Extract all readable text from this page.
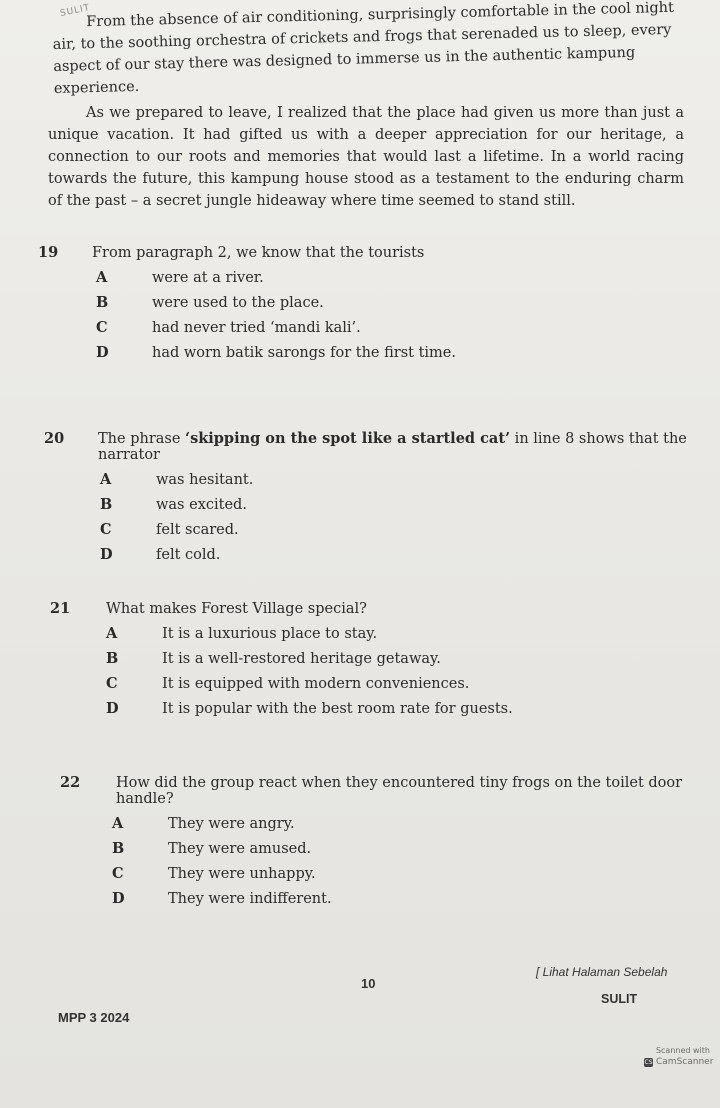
SULIT

From the absence of air conditioning, surprisingly comfortable in the cool night air, to the soothing orchestra of crickets and frogs that serenaded us to sleep, every aspect of our stay there was designed to immerse us in the authentic kampung experience.

As we prepared to leave, I realized that the place had given us more than just a unique vacation. It had gifted us with a deeper appreciation for our heritage, a connection to our roots and memories that would last a lifetime. In a world racing towards the future, this kampung house stood as a testament to the enduring charm of the past – a secret jungle hideaway where time seemed to stand still.

19	From paragraph 2, we know that the tourists
A	were at a river.
B	were used to the place.
C	had never tried ‘mandi kali’.
D	had worn batik sarongs for the first time.
20	The phrase ‘skipping on the spot like a startled cat’ in line 8 shows that the narrator
A	was hesitant.
B	was excited.
C	felt scared.
D	felt cold.
21	What makes Forest Village special?
A	It is a luxurious place to stay.
B	It is a well-restored heritage getaway.
C	It is equipped with modern conveniences.
D	It is popular with the best room rate for guests.
22	How did the group react when they encountered tiny frogs on the toilet door handle?
A	They were angry.
B	They were amused.
C	They were unhappy.
D	They were indifferent.
[ Lihat Halaman Sebelah
10
SULIT
MPP 3 2024
Scanned with
CS CamScanner
